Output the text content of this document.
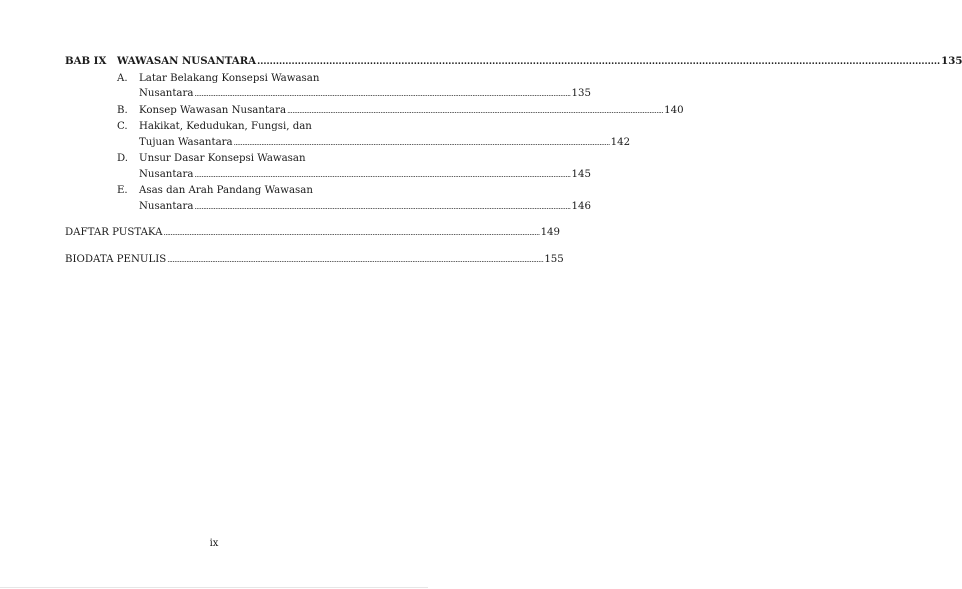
BAB IX	WAWASAN NUSANTARA .....	135
A.	Latar Belakang Konsepsi Wawasan
Nusantara .....	135
B.	Konsep Wawasan Nusantara .....	140
C.	Hakikat, Kedudukan, Fungsi, dan
Tujuan Wasantara .....	142
D.	Unsur Dasar Konsepsi Wawasan
Nusantara .....	145
E.	Asas dan Arah Pandang Wawasan
Nusantara .....	146
DAFTAR PUSTAKA .....	149
BIODATA PENULIS .....	155
ix
